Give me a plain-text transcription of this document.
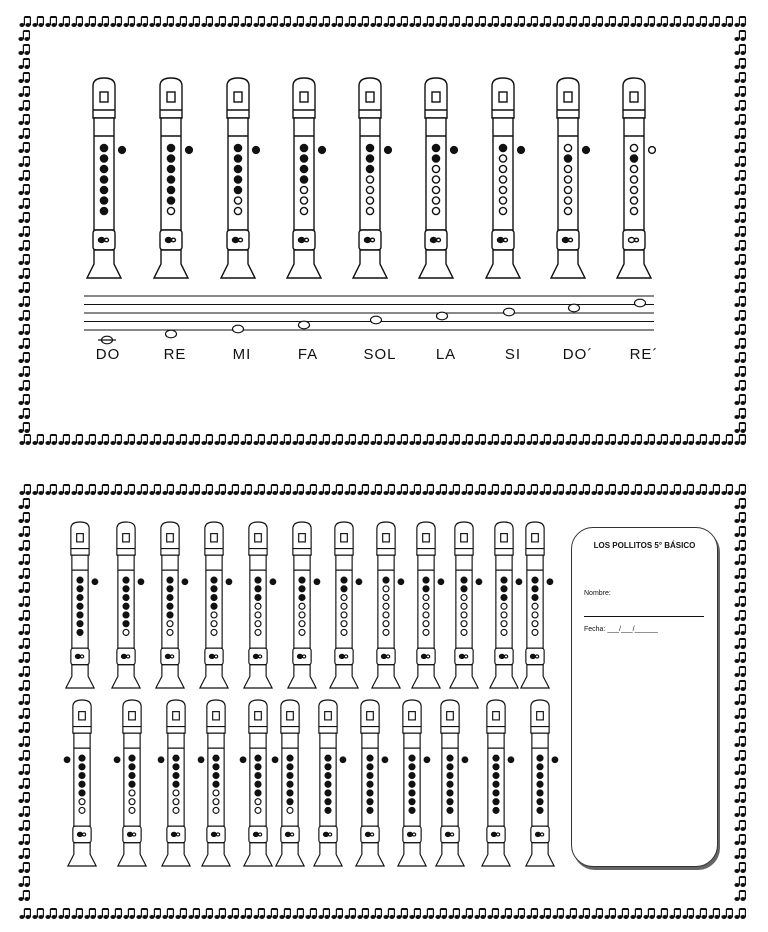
DO	RE	MI	FA	SOL	LA	SI	DO´	RE´
LOS POLLITOS 5° BÁSICO
Nombre:
Fecha: ___/___/______
